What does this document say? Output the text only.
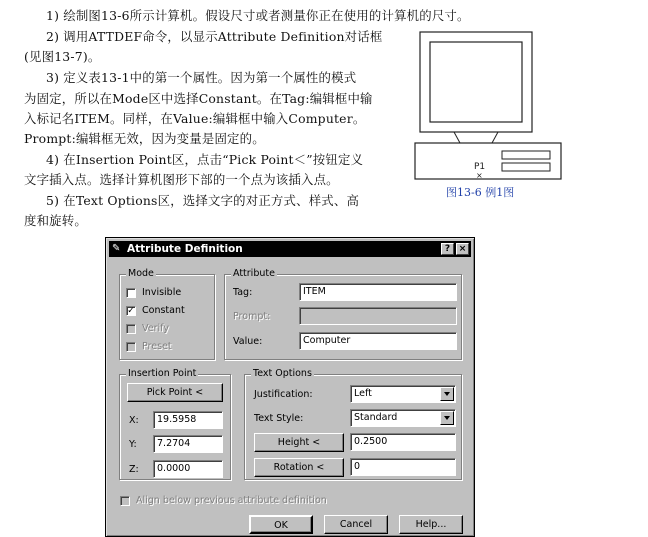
1) 绘制图13-6所示计算机。假设尺寸或者测量你正在使用的计算机的尺寸。
2) 调用ATTDEF命令，以显示Attribute Definition对话框
(见图13-7)。
3) 定义表13-1中的第一个属性。因为第一个属性的模式
为固定，所以在Mode区中选择Constant。在Tag:编辑框中输
入标记名ITEM。同样，在Value:编辑框中输入Computer。
Prompt:编辑框无效，因为变量是固定的。
4) 在Insertion Point区，点击“Pick Point＜”按钮定义
文字插入点。选择计算机图形下部的一个点为该插入点。
5) 在Text Options区，选择文字的对正方式、样式、高
度和旋转。
P1
×
图13-6 例1图
✎ Attribute Definition	? ×
Mode
Invisible
✓ Constant
Verify
Preset
Attribute
Tag:	ITEM
Prompt:
Value:	Computer
Insertion Point
Pick Point <
X:	19.5958
Y:	7.2704
Z:	0.0000
Text Options
Justification:	Left
Text Style:	Standard
Height <	0.2500
Rotation <	0
Align below previous attribute definition
OK	Cancel	Help...
